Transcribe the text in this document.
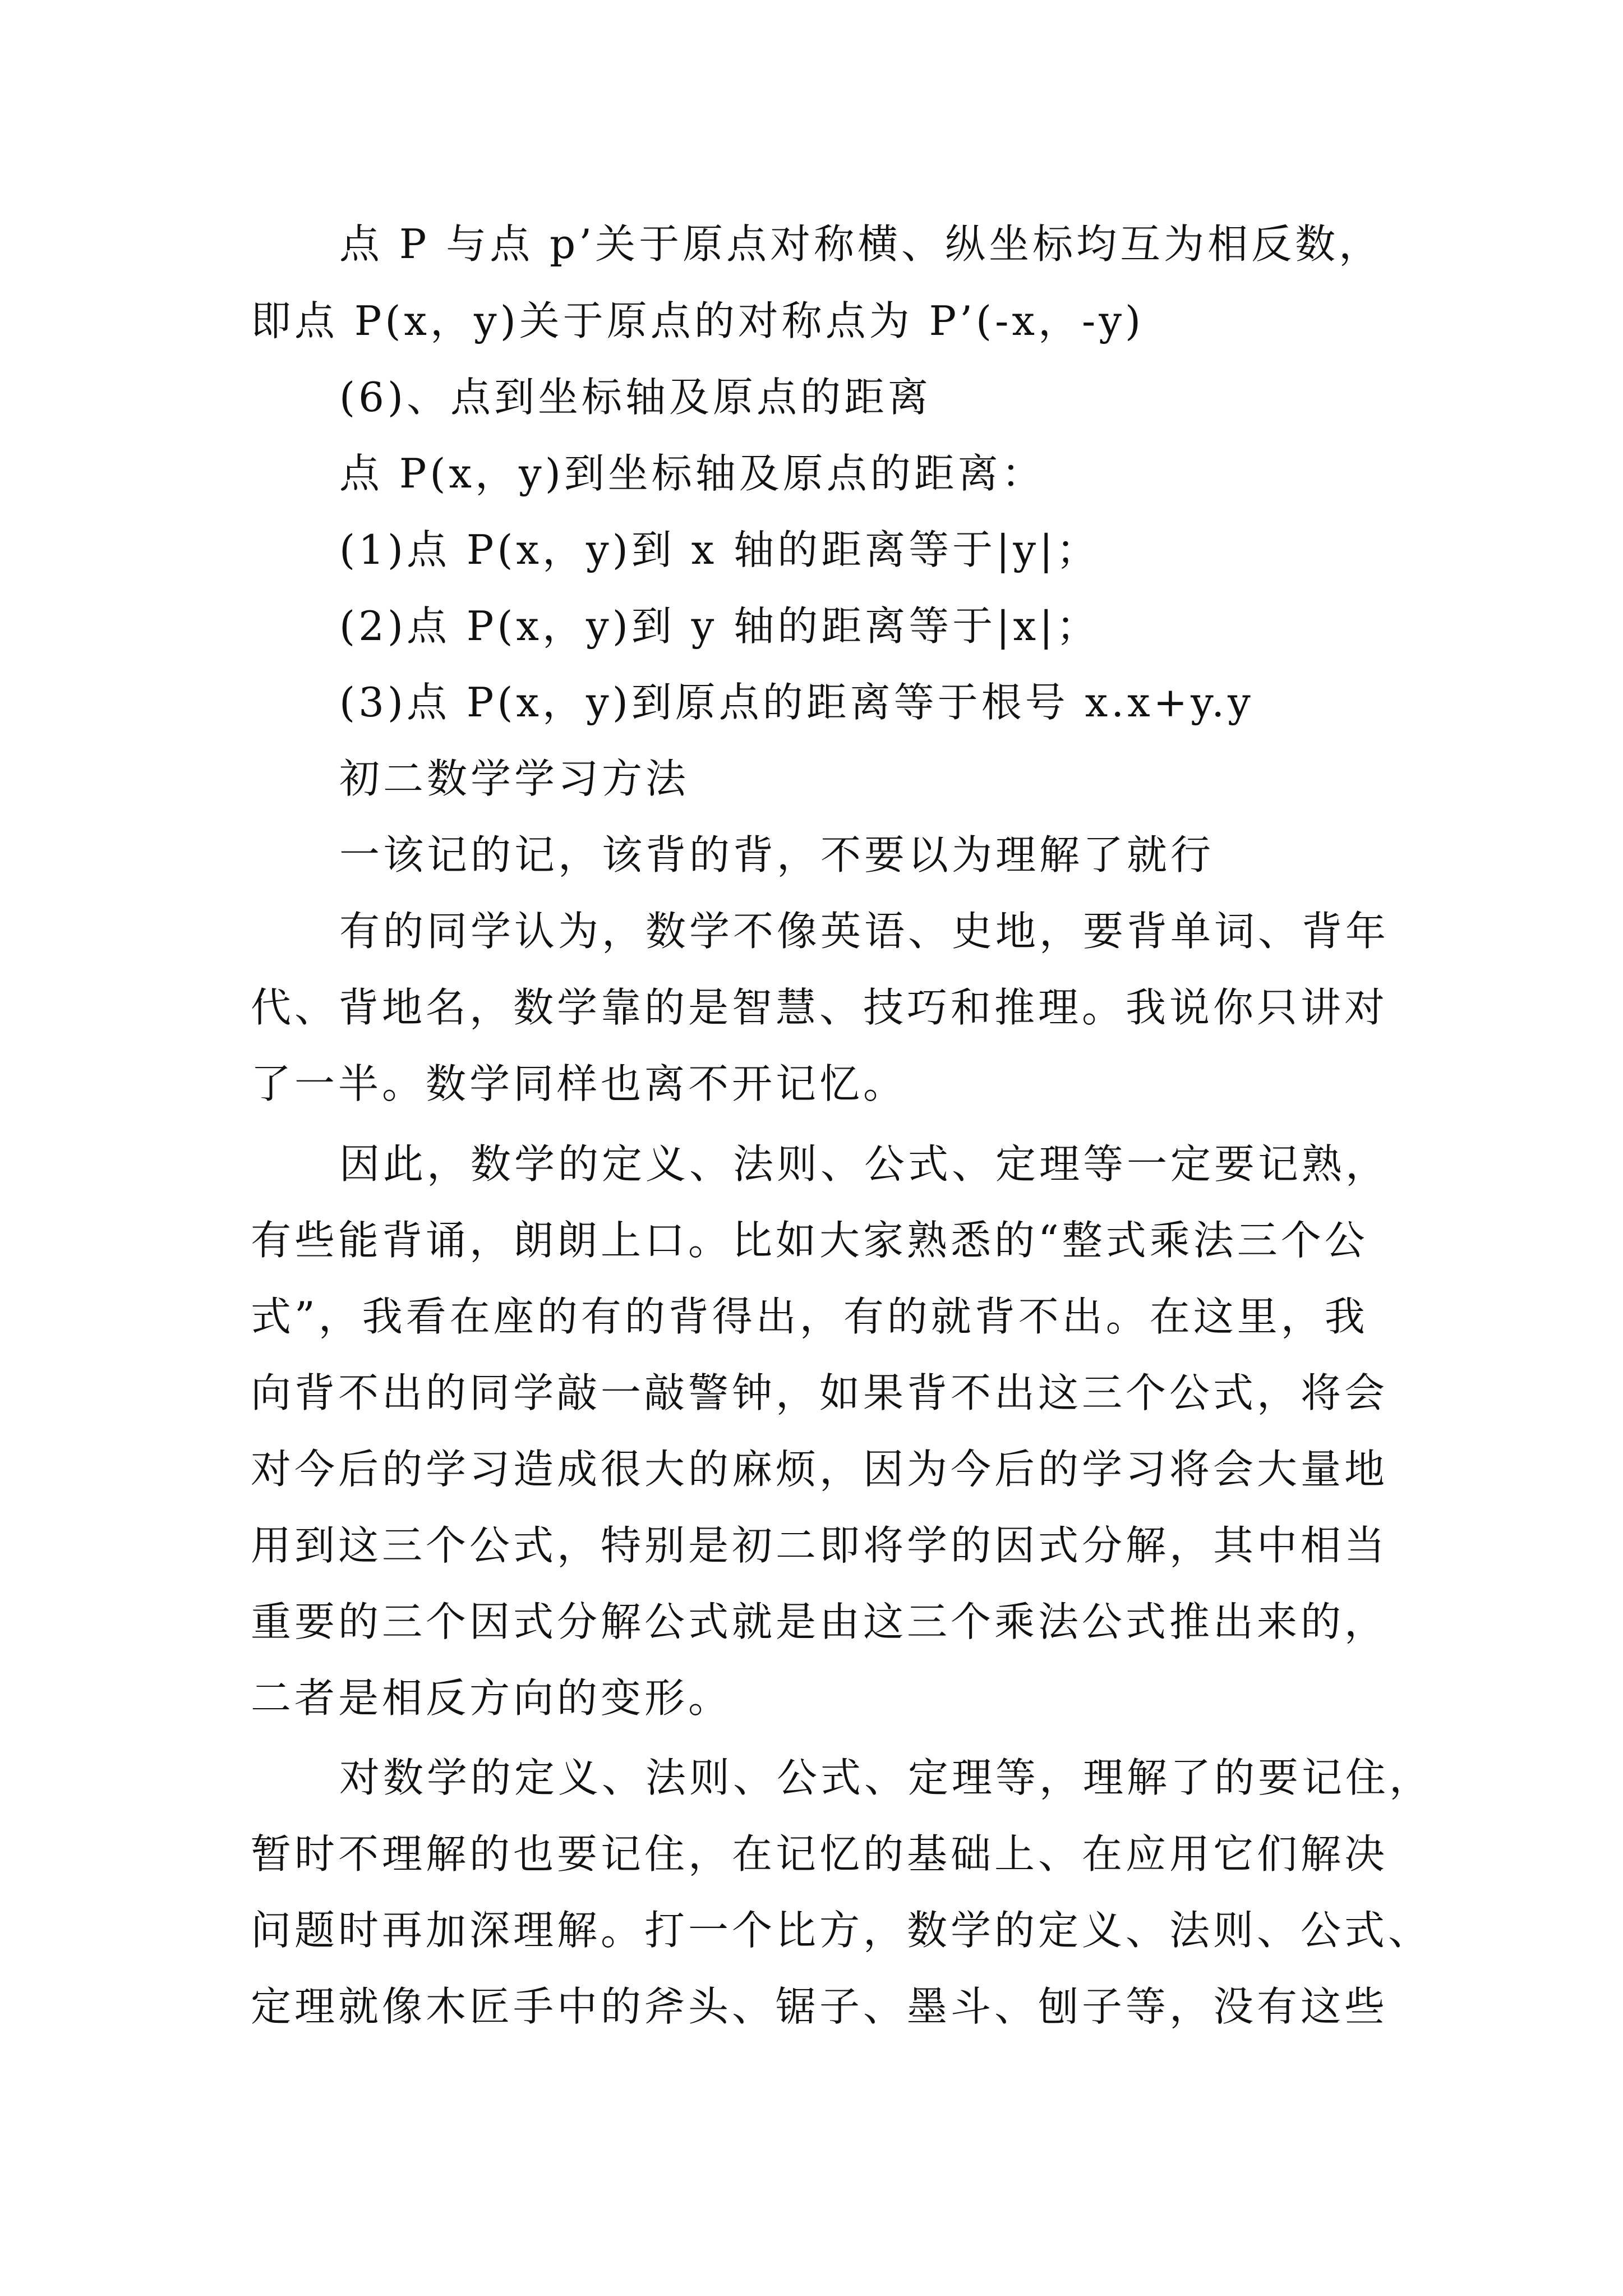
点 P 与点 p’关于原点对称横、纵坐标均互为相反数，
即点 P(x，y)关于原点的对称点为 P’(-x，-y)
(6)、点到坐标轴及原点的距离
点 P(x，y)到坐标轴及原点的距离：
(1)点 P(x，y)到 x 轴的距离等于|y|；
(2)点 P(x，y)到 y 轴的距离等于|x|；
(3)点 P(x，y)到原点的距离等于根号 x.x+y.y
初二数学学习方法
一该记的记，该背的背，不要以为理解了就行
有的同学认为，数学不像英语、史地，要背单词、背年
代、背地名，数学靠的是智慧、技巧和推理。我说你只讲对
了一半。数学同样也离不开记忆。
因此，数学的定义、法则、公式、定理等一定要记熟，
有些能背诵，朗朗上口。比如大家熟悉的“整式乘法三个公
式”，我看在座的有的背得出，有的就背不出。在这里，我
向背不出的同学敲一敲警钟，如果背不出这三个公式，将会
对今后的学习造成很大的麻烦，因为今后的学习将会大量地
用到这三个公式，特别是初二即将学的因式分解，其中相当
重要的三个因式分解公式就是由这三个乘法公式推出来的，
二者是相反方向的变形。
对数学的定义、法则、公式、定理等，理解了的要记住，
暂时不理解的也要记住，在记忆的基础上、在应用它们解决
问题时再加深理解。打一个比方，数学的定义、法则、公式、
定理就像木匠手中的斧头、锯子、墨斗、刨子等，没有这些
